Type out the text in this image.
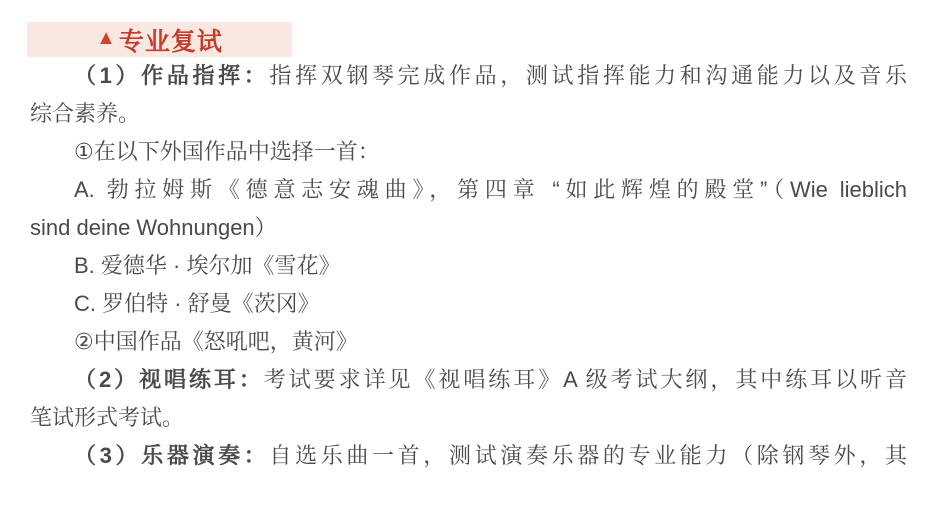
▲ 专业复试
（1）作品指挥：指挥双钢琴完成作品，测试指挥能力和沟通能力以及音乐
综合素养。
①在以下外国作品中选择一首：
A. 勃拉姆斯《德意志安魂曲》，第四章 “如此辉煌的殿堂”（Wie lieblich
sind deine Wohnungen）
B. 爱德华 · 埃尔加《雪花》
C. 罗伯特 · 舒曼《茨冈》
②中国作品《怒吼吧，黄河》
（2）视唱练耳：考试要求详见《视唱练耳》A 级考试大纲，其中练耳以听音
笔试形式考试。
（3）乐器演奏：自选乐曲一首，测试演奏乐器的专业能力（除钢琴外，其
